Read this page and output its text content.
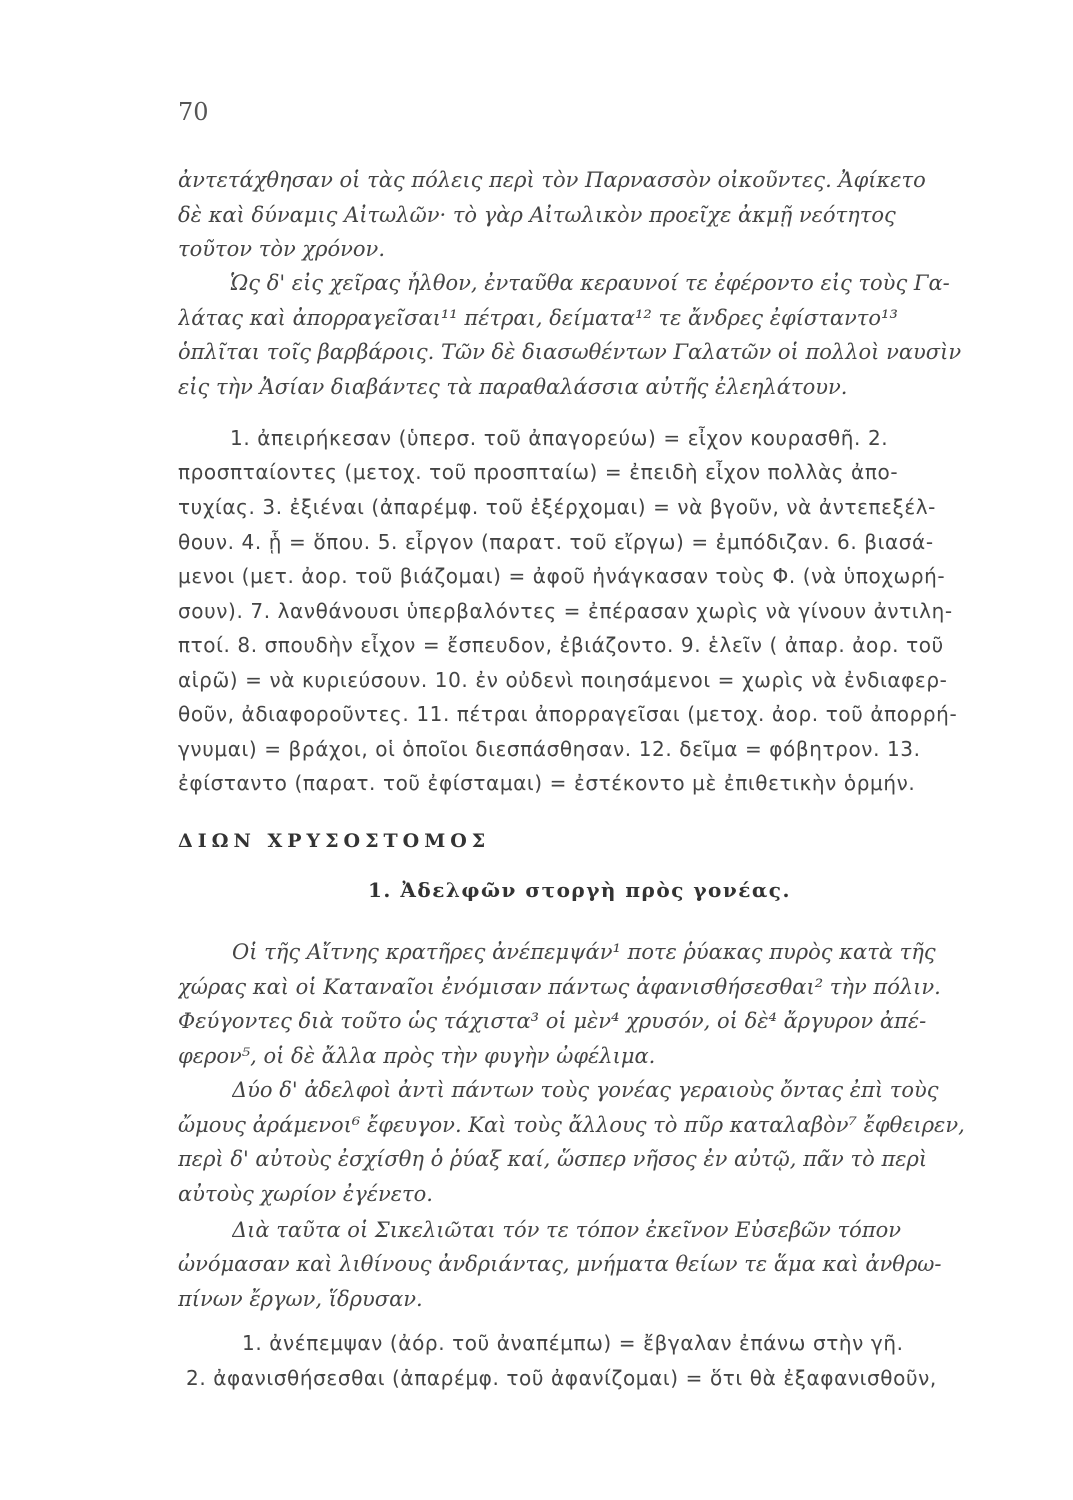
70
ἀντετάχθησαν οἱ τὰς πόλεις περὶ τὸν Παρνασσὸν οἰκοῦντες. Ἀφίκετο
δὲ καὶ δύναμις Αἰτωλῶν· τὸ γὰρ Αἰτωλικὸν προεῖχε ἀκμῇ νεότητος
τοῦτον τὸν χρόνον.
Ὡς δ' εἰς χεῖρας ἦλθον, ἐνταῦθα κεραυνοί τε ἐφέροντο εἰς τοὺς Γα-
λάτας καὶ ἀπορραγεῖσαι¹¹ πέτραι, δείματα¹² τε ἄνδρες ἐφίσταντο¹³
ὁπλῖται τοῖς βαρβάροις. Τῶν δὲ διασωθέντων Γαλατῶν οἱ πολλοὶ ναυσὶν
εἰς τὴν Ἀσίαν διαβάντες τὰ παραθαλάσσια αὐτῆς ἐλεηλάτουν.
1. ἀπειρήκεσαν (ὑπερσ. τοῦ ἀπαγορεύω) = εἶχον κουρασθῆ. 2.
προσπταίοντες (μετοχ. τοῦ προσπταίω) = ἐπειδὴ εἶχον πολλὰς ἀπο-
τυχίας. 3. ἐξιέναι (ἀπαρέμφ. τοῦ ἐξέρχομαι) = νὰ βγοῦν, νὰ ἀντεπεξέλ-
θουν. 4. ᾗ = ὅπου. 5. εἶργον (παρατ. τοῦ εἴργω) = ἐμπόδιζαν. 6. βιασά-
μενοι (μετ. ἀορ. τοῦ βιάζομαι) = ἀφοῦ ἠνάγκασαν τοὺς Φ. (νὰ ὑποχωρή-
σουν). 7. λανθάνουσι ὑπερβαλόντες = ἐπέρασαν χωρὶς νὰ γίνουν ἀντιλη-
πτοί. 8. σπουδὴν εἶχον = ἔσπευδον, ἐβιάζοντο. 9. ἑλεῖν ( ἀπαρ. ἀορ. τοῦ
αἱρῶ) = νὰ κυριεύσουν. 10. ἐν οὐδενὶ ποιησάμενοι = χωρὶς νὰ ἐνδιαφερ-
θοῦν, ἀδιαφοροῦντες. 11. πέτραι ἀπορραγεῖσαι (μετοχ. ἀορ. τοῦ ἀπορρή-
γνυμαι) = βράχοι, οἱ ὁποῖοι διεσπάσθησαν. 12. δεῖμα = φόβητρον. 13.
ἐφίσταντο (παρατ. τοῦ ἐφίσταμαι) = ἐστέκοντο μὲ ἐπιθετικὴν ὁρμήν.
ΔΙΩΝ ΧΡΥΣΟΣΤΟΜΟΣ
1. Ἀδελφῶν στοργὴ πρὸς γονέας.
Οἱ τῆς Αἴτνης κρατῆρες ἀνέπεμψάν¹ ποτε ῥύακας πυρὸς κατὰ τῆς
χώρας καὶ οἱ Καταναῖοι ἐνόμισαν πάντως ἀφανισθήσεσθαι² τὴν πόλιν.
Φεύγοντες διὰ τοῦτο ὡς τάχιστα³ οἱ μὲν⁴ χρυσόν, οἱ δὲ⁴ ἄργυρον ἀπέ-
φερον⁵, οἱ δὲ ἄλλα πρὸς τὴν φυγὴν ὠφέλιμα.
Δύο δ' ἀδελφοὶ ἀντὶ πάντων τοὺς γονέας γεραιοὺς ὄντας ἐπὶ τοὺς
ὤμους ἀράμενοι⁶ ἔφευγον. Καὶ τοὺς ἄλλους τὸ πῦρ καταλαβὸν⁷ ἔφθειρεν,
περὶ δ' αὐτοὺς ἐσχίσθη ὁ ῥύαξ καί, ὥσπερ νῆσος ἐν αὐτῷ, πᾶν τὸ περὶ
αὐτοὺς χωρίον ἐγένετο.
Διὰ ταῦτα οἱ Σικελιῶται τόν τε τόπον ἐκεῖνον Εὐσεβῶν τόπον
ὠνόμασαν καὶ λιθίνους ἀνδριάντας, μνήματα θείων τε ἅμα καὶ ἀνθρω-
πίνων ἔργων, ἵδρυσαν.
1. ἀνέπεμψαν (ἀόρ. τοῦ ἀναπέμπω) = ἔβγαλαν ἐπάνω στὴν γῆ.
2. ἀφανισθήσεσθαι (ἀπαρέμφ. τοῦ ἀφανίζομαι) = ὅτι θὰ ἐξαφανισθοῦν,
